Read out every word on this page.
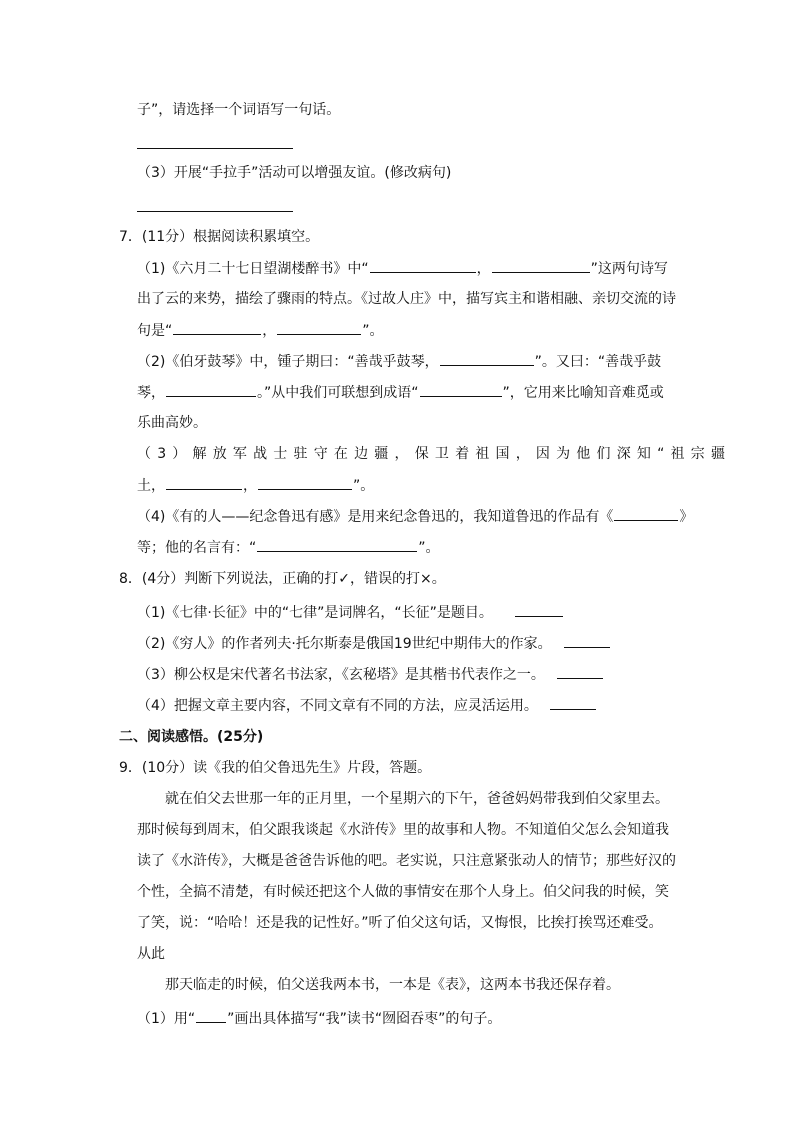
子”，请选择一个词语写一句话。

（3）开展“手拉手”活动可以增强友谊。(修改病句)

7．(11分）根据阅读积累填空。

（1)《六月二十七日望湖楼醉书》中“	，	”这两句诗写

出了云的来势，描绘了骤雨的特点。《过故人庄》中，描写宾主和谐相融、亲切交流的诗

句是“	，	”。

（2)《伯牙鼓琴》中，锺子期曰：“善哉乎鼓琴，	”。又曰：“善哉乎鼓

琴，	。”从中我们可联想到成语“	”，它用来比喻知音难觅或

乐曲高妙。

（3）解放军战士驻守在边疆，保卫着祖国，因为他们深知“祖宗疆

土，	，	”。

（4)《有的人——纪念鲁迅有感》是用来纪念鲁迅的，我知道鲁迅的作品有《	》

等；他的名言有：“	”。

8．(4分）判断下列说法，正确的打✓，错误的打×。

（1)《七律·长征》中的“七律”是词牌名，“长征”是题目。

（2)《穷人》的作者列夫·托尔斯泰是俄国19世纪中期伟大的作家。

（3）柳公权是宋代著名书法家，《玄秘塔》是其楷书代表作之一。

（4）把握文章主要内容，不同文章有不同的方法，应灵活运用。

二、阅读感悟。(25分)

9．(10分）读《我的伯父鲁迅先生》片段，答题。

就在伯父去世那一年的正月里，一个星期六的下午，爸爸妈妈带我到伯父家里去。

那时候每到周末，伯父跟我谈起《水浒传》里的故事和人物。不知道伯父怎么会知道我

读了《水浒传》，大概是爸爸告诉他的吧。老实说，只注意紧张动人的情节；那些好汉的

个性，全搞不清楚，有时候还把这个人做的事情安在那个人身上。伯父问我的时候，笑

了笑，说：“哈哈！还是我的记性好。”听了伯父这句话，又悔恨，比挨打挨骂还难受。

从此

那天临走的时候，伯父送我两本书，一本是《表》，这两本书我还保存着。

（1）用“ ”画出具体描写“我”读书“囫囵吞枣”的句子。
